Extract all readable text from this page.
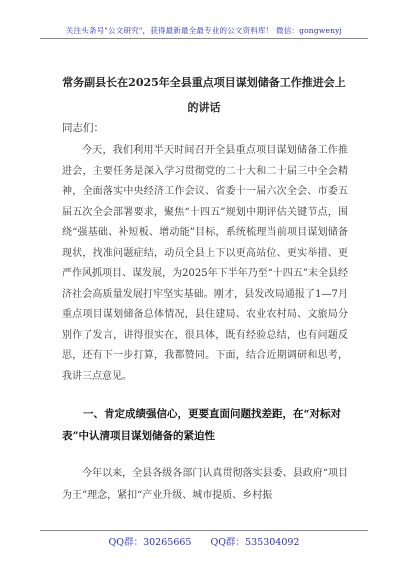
关注头条号"公文研究"，获得最新最全最专业的公文资料库！ 微信：gongwenyj
常务副县长在2025年全县重点项目谋划储备工作推进会上
的讲话
同志们：

今天，我们利用半天时间召开全县重点项目谋划储备工作推进会，主要任务是深入学习贯彻党的二十大和二十届三中全会精神，全面落实中央经济工作会议、省委十一届六次全会、市委五届五次全会部署要求，聚焦“十四五”规划中期评估关键节点，围绕“强基础、补短板、增动能”目标，系统梳理当前项目谋划储备现状，找准问题症结，动员全县上下以更高站位、更实举措、更严作风抓项目、谋发展，为2025年下半年乃至“十四五”末全县经济社会高质量发展打牢坚实基础。刚才，县发改局通报了1—7月重点项目谋划储备总体情况，县住建局、农业农村局、文旅局分别作了发言，讲得很实在，很具体，既有经验总结，也有问题反思，还有下一步打算，我都赞同。下面，结合近期调研和思考，我讲三点意见。

一、肯定成绩强信心，更要直面问题找差距，在“对标对表”中认清项目谋划储备的紧迫性

今年以来，全县各级各部门认真贯彻落实县委、县政府“项目为王”理念，紧扣“产业升级、城市提质、乡村振

QQ群：30265665 QQ群：535304092
